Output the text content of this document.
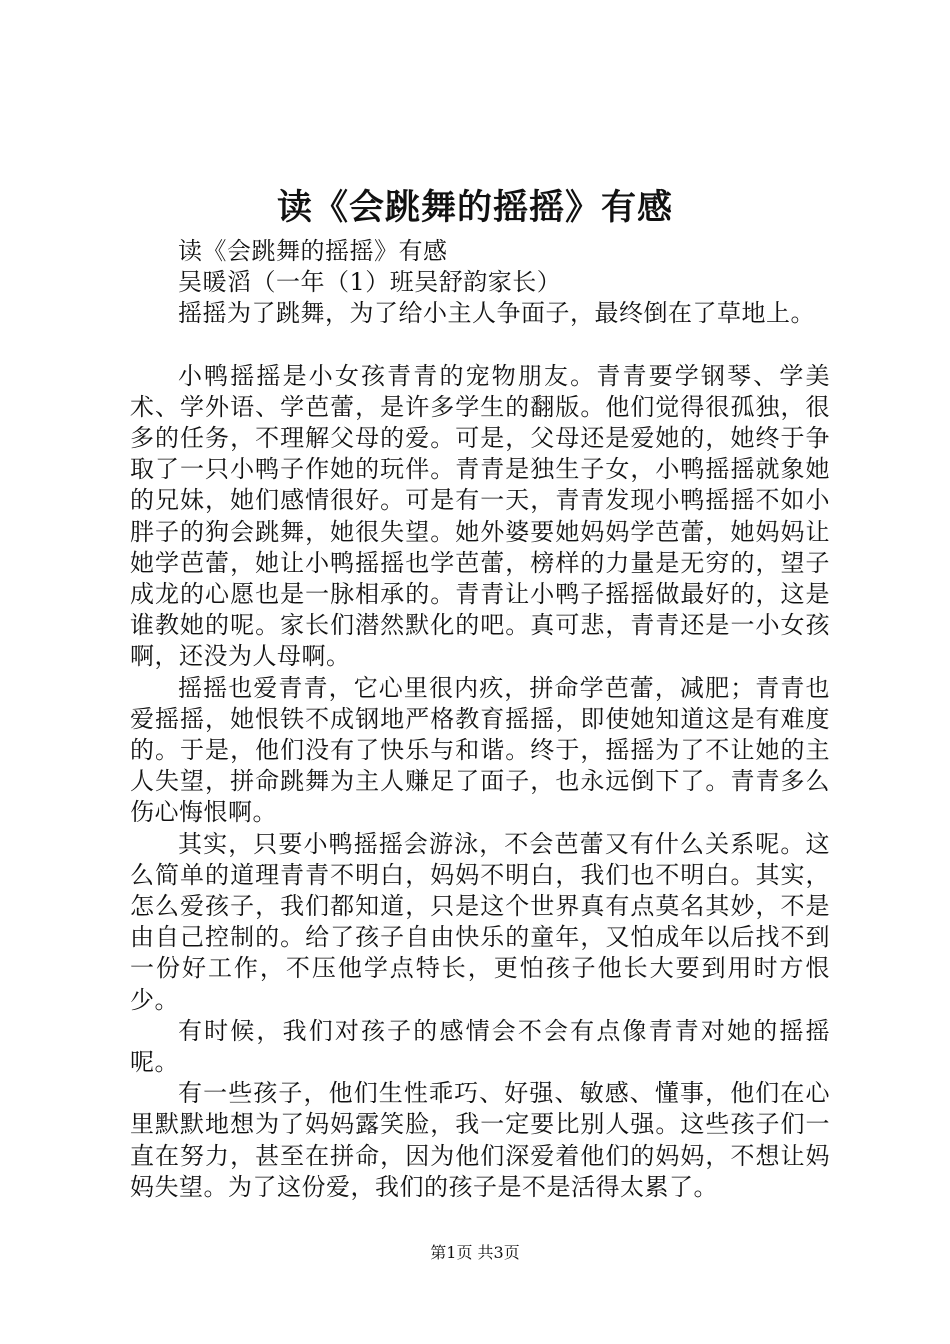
读《会跳舞的摇摇》有感

读《会跳舞的摇摇》有感

吴暖滔（一年（1）班吴舒韵家长）

摇摇为了跳舞，为了给小主人争面子，最终倒在了草地上。

小鸭摇摇是小女孩青青的宠物朋友。青青要学钢琴、学美术、学外语、学芭蕾，是许多学生的翻版。他们觉得很孤独，很多的任务，不理解父母的爱。可是，父母还是爱她的，她终于争取了一只小鸭子作她的玩伴。青青是独生子女，小鸭摇摇就象她的兄妹，她们感情很好。可是有一天，青青发现小鸭摇摇不如小胖子的狗会跳舞，她很失望。她外婆要她妈妈学芭蕾，她妈妈让她学芭蕾，她让小鸭摇摇也学芭蕾，榜样的力量是无穷的，望子成龙的心愿也是一脉相承的。青青让小鸭子摇摇做最好的，这是谁教她的呢。家长们潜然默化的吧。真可悲，青青还是一小女孩啊，还没为人母啊。

摇摇也爱青青，它心里很内疚，拼命学芭蕾，减肥；青青也爱摇摇，她恨铁不成钢地严格教育摇摇，即使她知道这是有难度的。于是，他们没有了快乐与和谐。终于，摇摇为了不让她的主人失望，拼命跳舞为主人赚足了面子，也永远倒下了。青青多么伤心悔恨啊。

其实，只要小鸭摇摇会游泳，不会芭蕾又有什么关系呢。这么简单的道理青青不明白，妈妈不明白，我们也不明白。其实，怎么爱孩子，我们都知道，只是这个世界真有点莫名其妙，不是由自己控制的。给了孩子自由快乐的童年，又怕成年以后找不到一份好工作，不压他学点特长，更怕孩子他长大要到用时方恨少。

有时候，我们对孩子的感情会不会有点像青青对她的摇摇呢。

有一些孩子，他们生性乖巧、好强、敏感、懂事，他们在心里默默地想为了妈妈露笑脸，我一定要比别人强。这些孩子们一直在努力，甚至在拼命，因为他们深爱着他们的妈妈，不想让妈妈失望。为了这份爱，我们的孩子是不是活得太累了。

第1页 共3页
